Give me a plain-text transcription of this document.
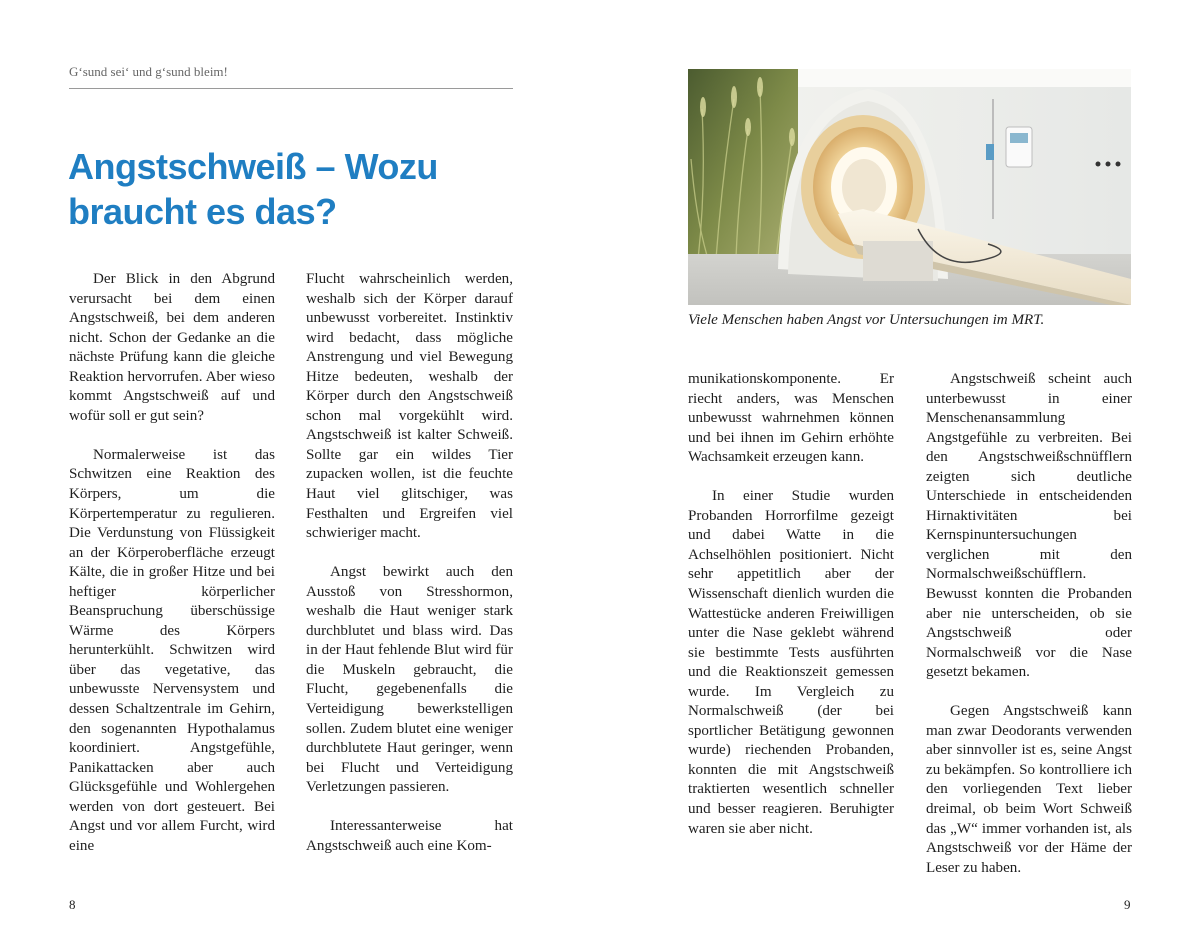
G‘sund sei‘ und g‘sund bleim!
Angstschweiß – Wozu
braucht es das?

Der Blick in den Abgrund verursacht bei dem einen Angstschweiß, bei dem anderen nicht. Schon der Gedanke an die nächste Prüfung kann die gleiche Reaktion hervorrufen. Aber wieso kommt Angstschweiß auf und wofür soll er gut sein?

Normalerweise ist das Schwitzen eine Reaktion des Körpers, um die Körpertemperatur zu regulieren. Die Verdunstung von Flüssigkeit an der Körperoberfläche erzeugt Kälte, die in großer Hitze und bei heftiger körperlicher Beanspruchung überschüssige Wärme des Körpers herunterkühlt. Schwitzen wird über das vegetative, das unbewusste Nervensystem und dessen Schaltzentrale im Gehirn, den sogenannten Hypothalamus koordiniert. Angstgefühle, Panikattacken aber auch Glücksgefühle und Wohlergehen werden von dort gesteuert. Bei Angst und vor allem Furcht, wird eine

Flucht wahrscheinlich werden, weshalb sich der Körper darauf unbewusst vorbereitet. Instinktiv wird bedacht, dass mögliche Anstrengung und viel Bewegung Hitze bedeuten, weshalb der Körper durch den Angstschweiß schon mal vorgekühlt wird. Angstschweiß ist kalter Schweiß. Sollte gar ein wildes Tier zupacken wollen, ist die feuchte Haut viel glitschiger, was Festhalten und Ergreifen viel schwieriger macht.

Angst bewirkt auch den Ausstoß von Stresshormon, weshalb die Haut weniger stark durchblutet und blass wird. Das in der Haut fehlende Blut wird für die Muskeln gebraucht, die Flucht, gegebenenfalls die Verteidigung bewerkstelligen sollen. Zudem blutet eine weniger durchblutete Haut geringer, wenn bei Flucht und Verteidigung Verletzungen passieren.

Interessanterweise hat Angstschweiß auch eine Kom-

Viele Menschen haben Angst vor Untersuchungen im MRT.

munikationskomponente. Er riecht anders, was Menschen unbewusst wahrnehmen können und bei ihnen im Gehirn erhöhte Wachsamkeit erzeugen kann.

In einer Studie wurden Probanden Horrorfilme gezeigt und dabei Watte in die Achselhöhlen positioniert. Nicht sehr appetitlich aber der Wissenschaft dienlich wurden die Wattestücke anderen Freiwilligen unter die Nase geklebt während sie bestimmte Tests ausführten und die Reaktionszeit gemessen wurde. Im Vergleich zu Normalschweiß (der bei sportlicher Betätigung gewonnen wurde) riechenden Probanden, konnten die mit Angstschweiß traktierten wesentlich schneller und besser reagieren. Beruhigter waren sie aber nicht.

Angstschweiß scheint auch unterbewusst in einer Menschenansammlung Angstgefühle zu verbreiten. Bei den Angstschweißschnüfflern zeigten sich deutliche Unterschiede in entscheidenden Hirnaktivitäten bei Kernspinuntersuchungen verglichen mit den Normalschweißschüfflern. Bewusst konnten die Probanden aber nie unterscheiden, ob sie Angstschweiß oder Normalschweiß vor die Nase gesetzt bekamen.

Gegen Angstschweiß kann man zwar Deodorants verwenden aber sinnvoller ist es, seine Angst zu bekämpfen. So kontrolliere ich den vorliegenden Text lieber dreimal, ob beim Wort Schweiß das „W“ immer vorhanden ist, als Angstschweiß vor der Häme der Leser zu haben.

8	9
